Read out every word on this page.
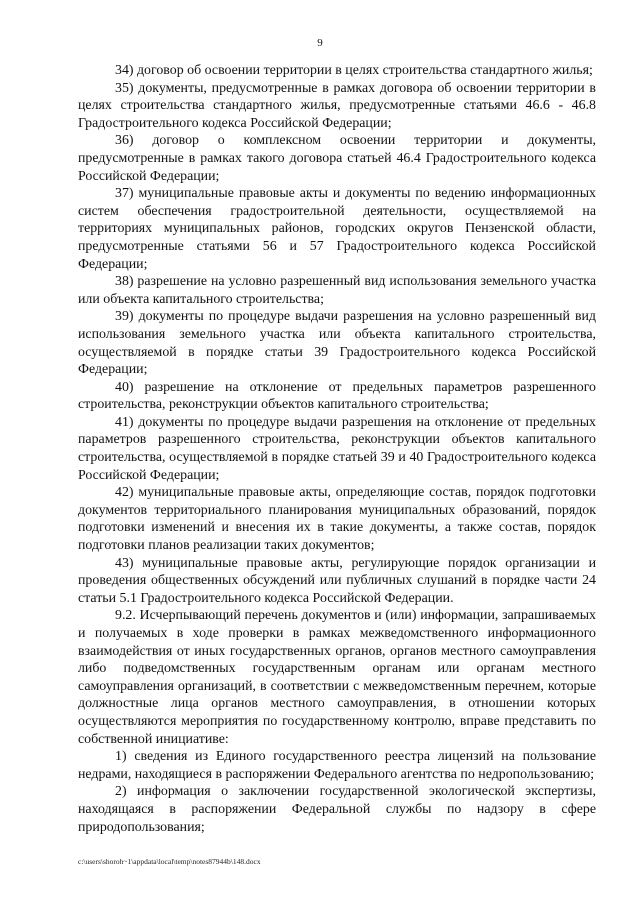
9

34) договор об освоении территории в целях строительства стандартного жилья;

35) документы, предусмотренные в рамках договора об освоении территории в целях строительства стандартного жилья, предусмотренные статьями 46.6 - 46.8 Градостроительного кодекса Российской Федерации;

36) договор о комплексном освоении территории и документы, предусмотренные в рамках такого договора статьей 46.4 Градостроительного кодекса Российской Федерации;

37) муниципальные правовые акты и документы по ведению информационных систем обеспечения градостроительной деятельности, осуществляемой на территориях муниципальных районов, городских округов Пензенской области, предусмотренные статьями 56 и 57 Градостроительного кодекса Российской Федерации;

38) разрешение на условно разрешенный вид использования земельного участка или объекта капитального строительства;

39) документы по процедуре выдачи разрешения на условно разрешенный вид использования земельного участка или объекта капитального строительства, осуществляемой в порядке статьи 39 Градостроительного кодекса Российской Федерации;

40) разрешение на отклонение от предельных параметров разрешенного строительства, реконструкции объектов капитального строительства;

41) документы по процедуре выдачи разрешения на отклонение от предельных параметров разрешенного строительства, реконструкции объектов капитального строительства, осуществляемой в порядке статьей 39 и 40 Градостроительного кодекса Российской Федерации;

42) муниципальные правовые акты, определяющие состав, порядок подготовки документов территориального планирования муниципальных образований, порядок подготовки изменений и внесения их в такие документы, а также состав, порядок подготовки планов реализации таких документов;

43) муниципальные правовые акты, регулирующие порядок организации и проведения общественных обсуждений или публичных слушаний в порядке части 24 статьи 5.1 Градостроительного кодекса Российской Федерации.

9.2. Исчерпывающий перечень документов и (или) информации, запрашиваемых и получаемых в ходе проверки в рамках межведомственного информационного взаимодействия от иных государственных органов, органов местного самоуправления либо подведомственных государственным органам или органам местного самоуправления организаций, в соответствии с межведомственным перечнем, которые должностные лица органов местного самоуправления, в отношении которых осуществляются мероприятия по государственному контролю, вправе представить по собственной инициативе:

1) сведения из Единого государственного реестра лицензий на пользование недрами, находящиеся в распоряжении Федерального агентства по недропользованию;

2) информация о заключении государственной экологической экспертизы, находящаяся в распоряжении Федеральной службы по надзору в сфере природопользования;

c:\users\shoroh~1\appdata\local\temp\notes87944b\148.docx
